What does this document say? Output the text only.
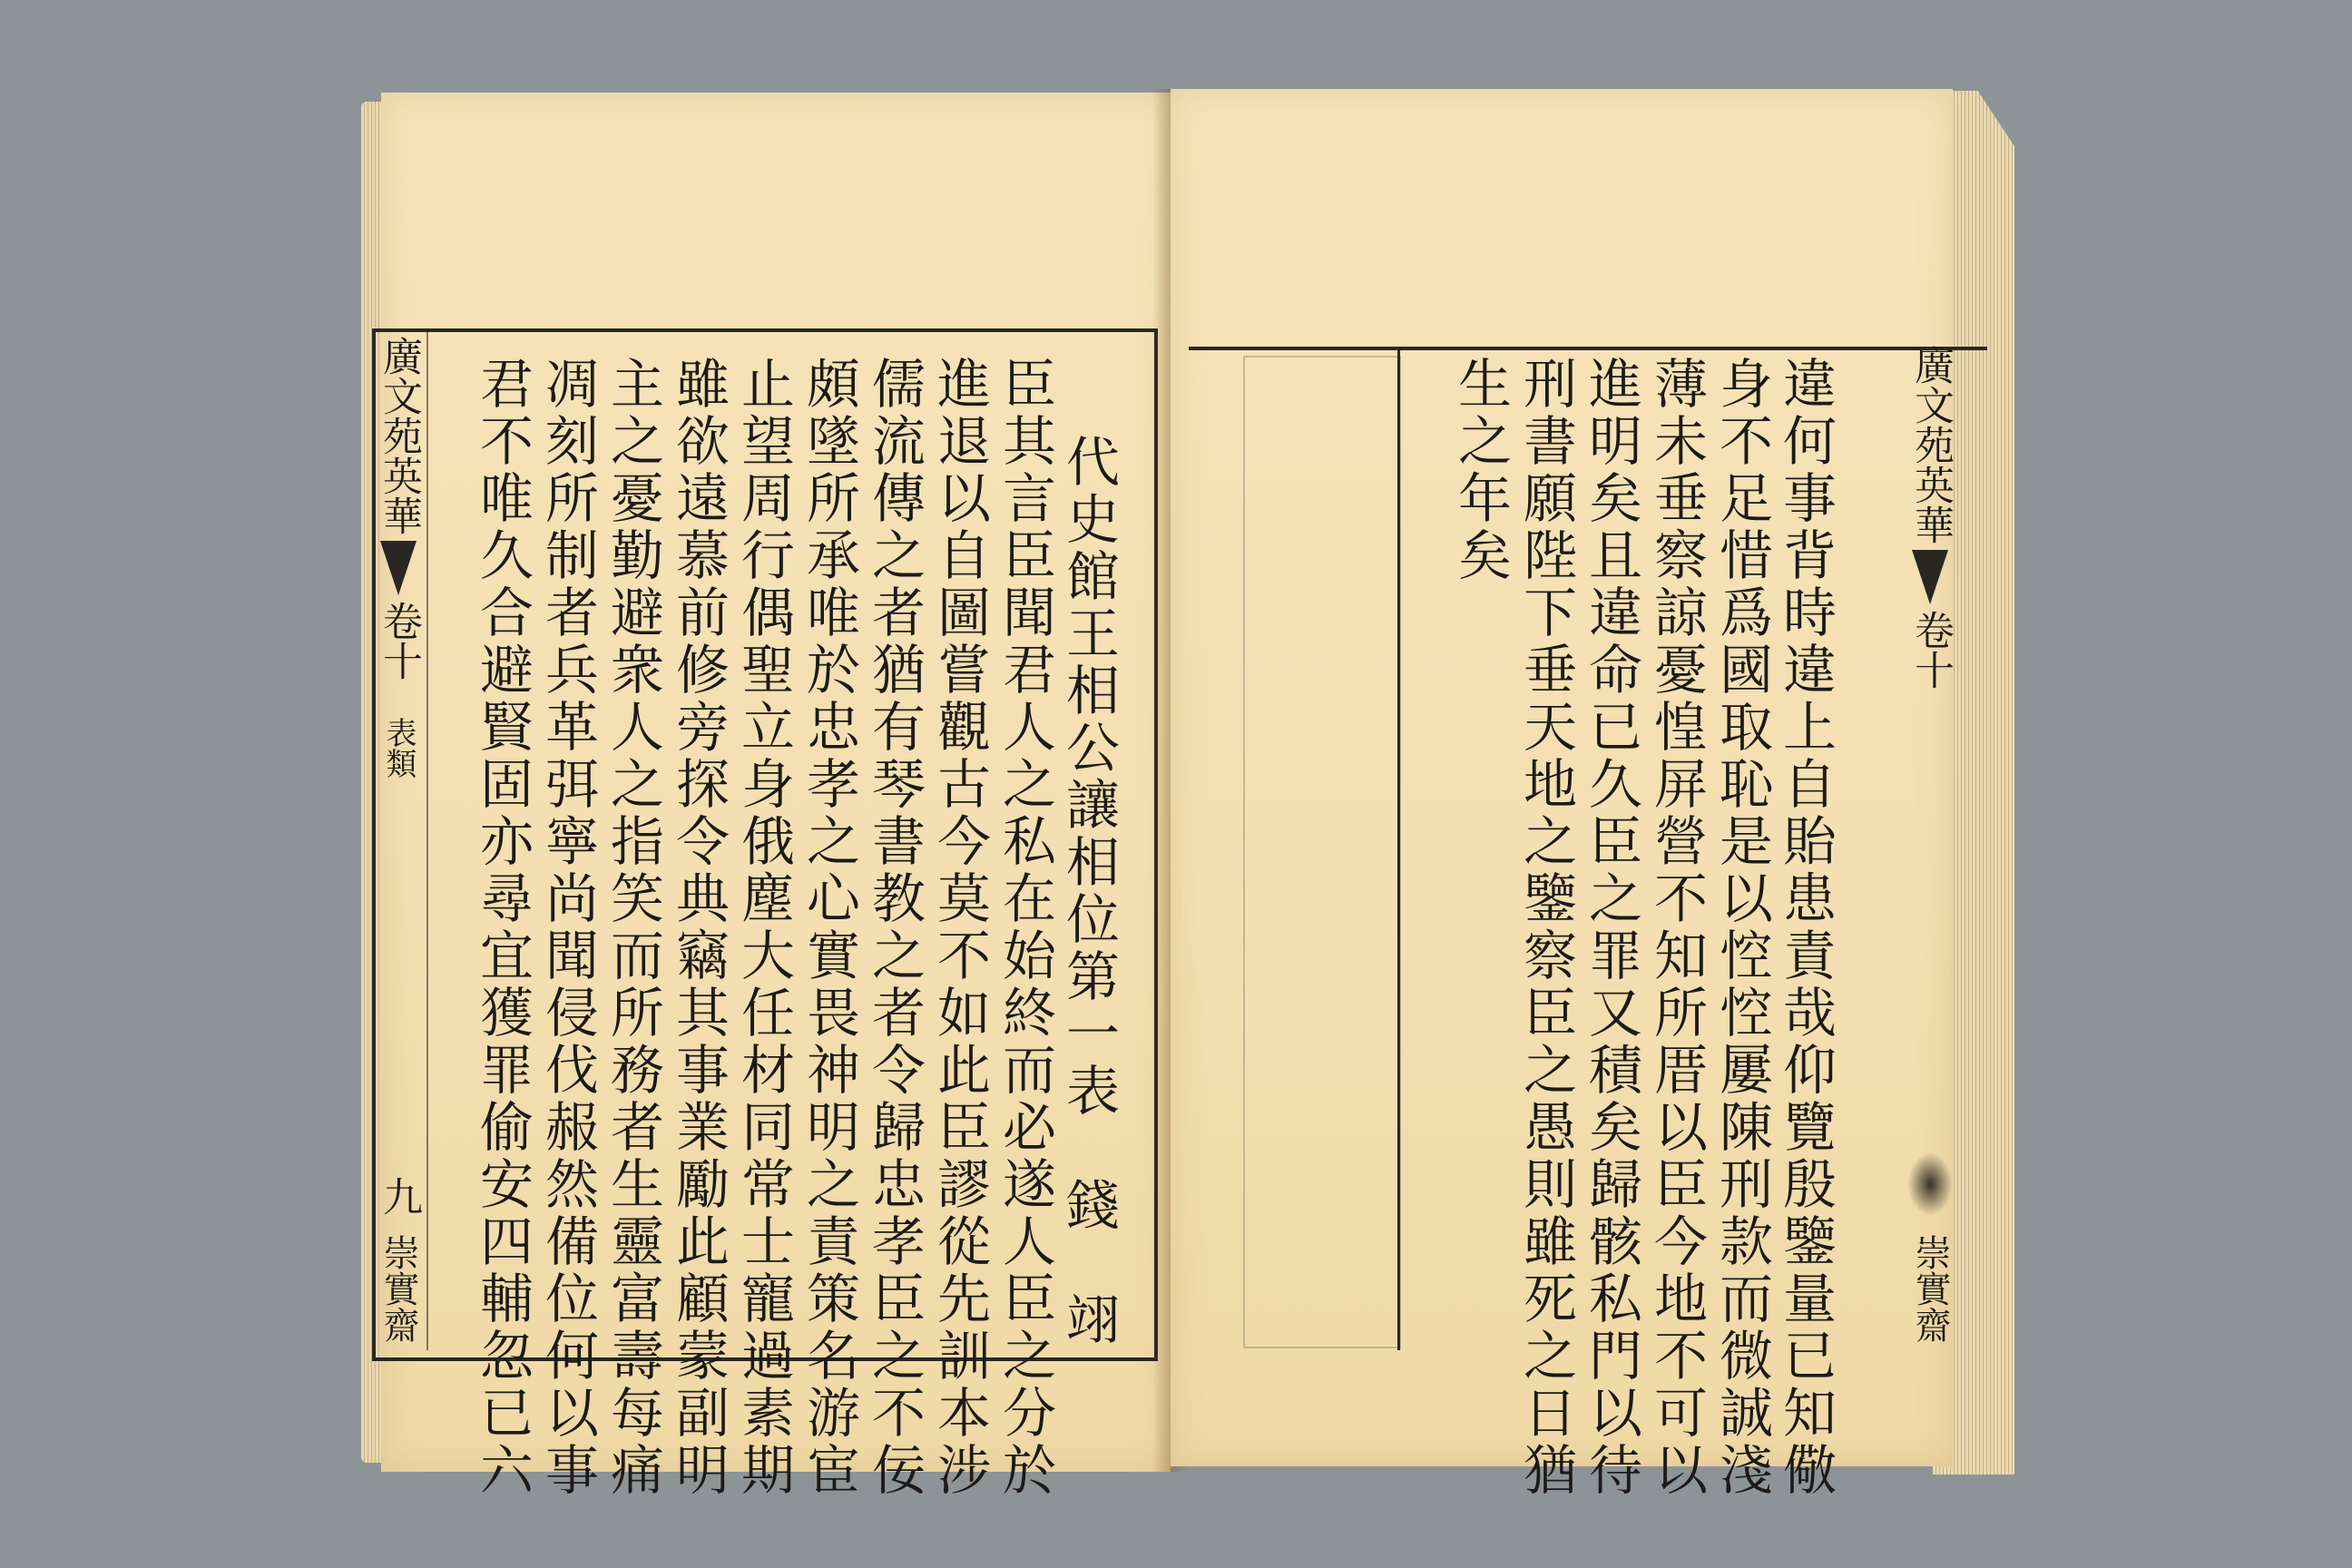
廣文苑英華
卷十
表類
九
崇實齋	代史館王相公讓相位第一表　錢　翊
臣其言臣聞君人之私在始終而必遂人臣之分於
進退以自圖嘗觀古今莫不如此臣謬從先訓本涉
儒流傳之者猶有琴書教之者令歸忠孝臣之不佞
頗墜所承唯於忠孝之心實畏神明之責策名游宦
止望周行偶聖立身俄塵大任材同常士寵過素期
雖欲遠慕前修旁探令典竊其事業勵此顧蒙副明
主之憂勤避衆人之指笑而所務者生靈富壽每痛
凋刻所制者兵革弭寧尚聞侵伐赧然備位何以事
君不唯久合避賢固亦尋宜獲罪偷安四輔忽已六
　　　　　　　　　　　	廣文苑英華
卷十
崇實齋
違何事背時違上自貽患責哉仰覽殷鑒量已知儆
身不足惜爲國取恥是以悾悾屢陳刑款而微誠淺
薄未垂察諒憂惶屏營不知所厝以臣今地不可以
進明矣且違命已久臣之罪又積矣歸骸私門以待
刑書願陛下垂天地之鑒察臣之愚則雖死之日猶
生之年矣
